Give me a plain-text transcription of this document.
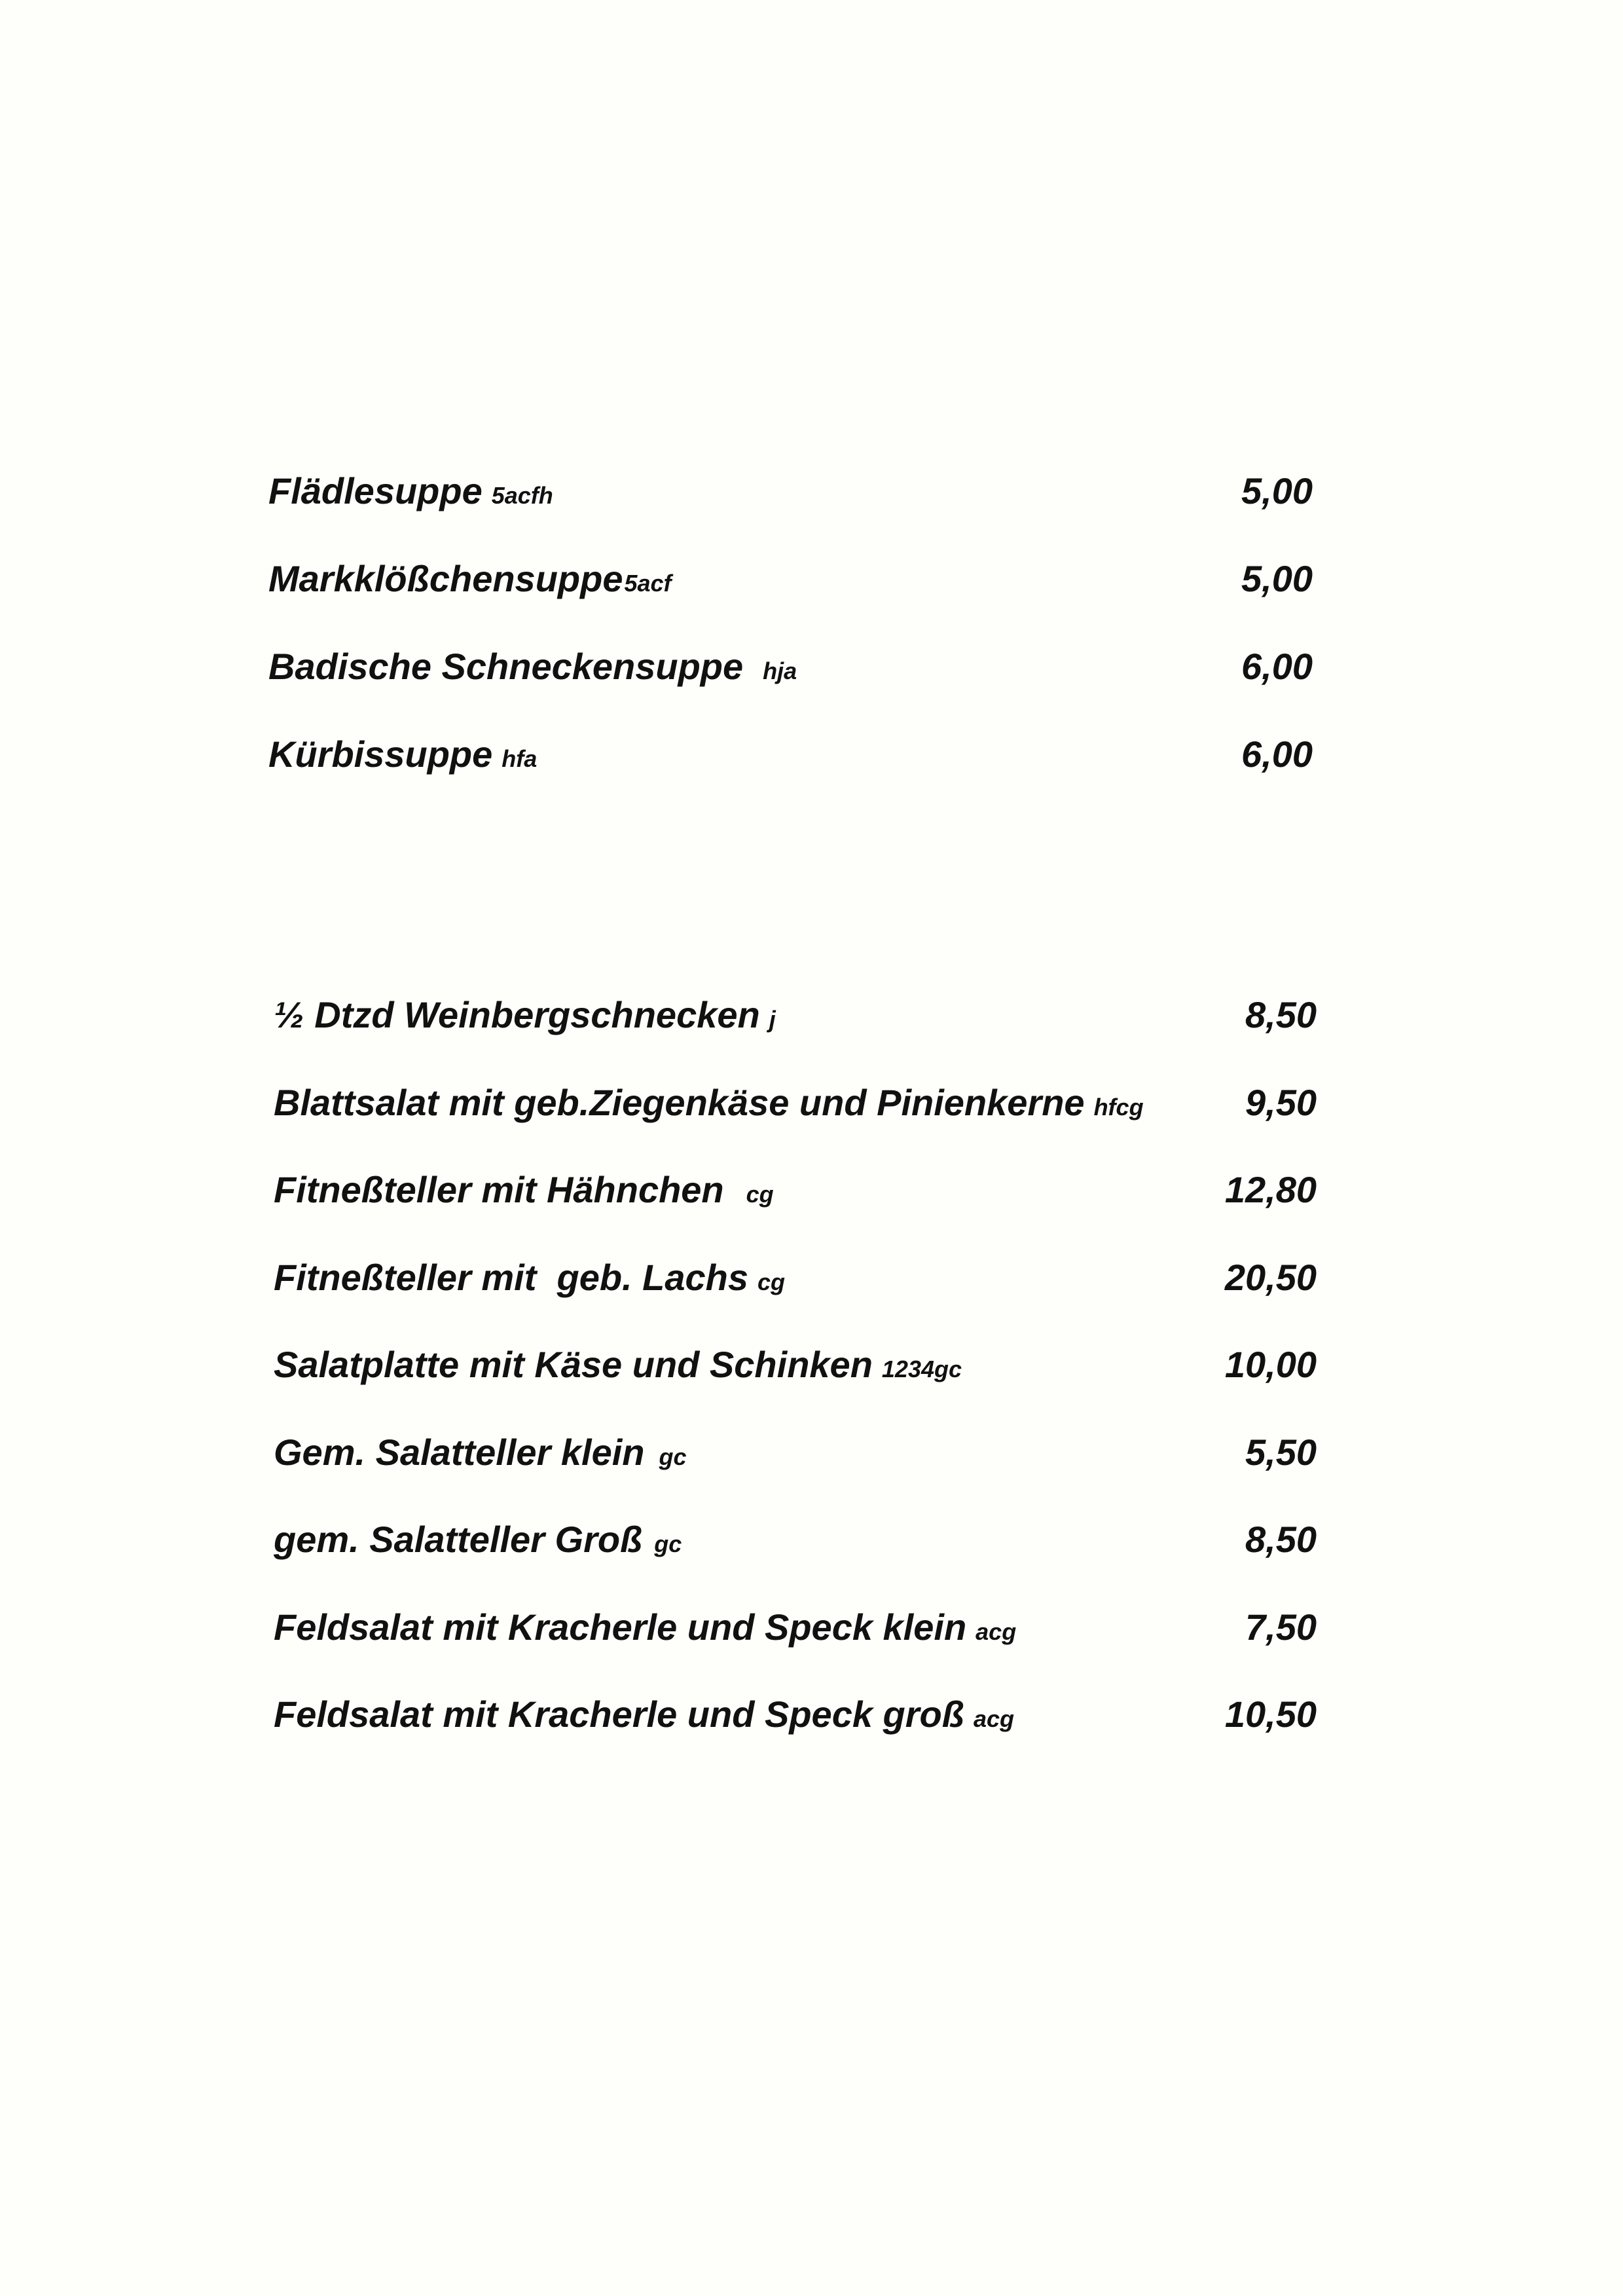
Flädlesuppe 5acfh	5,00
Markklößchensuppe5acf	5,00
Badische Schneckensuppe hja	6,00
Kürbissuppe hfa	6,00
½ Dtzd Weinbergschnecken j	8,50
Blattsalat mit geb.Ziegenkäse und Pinienkerne hfcg	9,50
Fitneßteller mit Hähnchen cg	12,80
Fitneßteller mit  geb. Lachs cg	20,50
Salatplatte mit Käse und Schinken 1234gc	10,00
Gem. Salatteller klein gc	5,50
gem. Salatteller Groß gc	8,50
Feldsalat mit Kracherle und Speck klein acg	7,50
Feldsalat mit Kracherle und Speck groß acg	10,50
